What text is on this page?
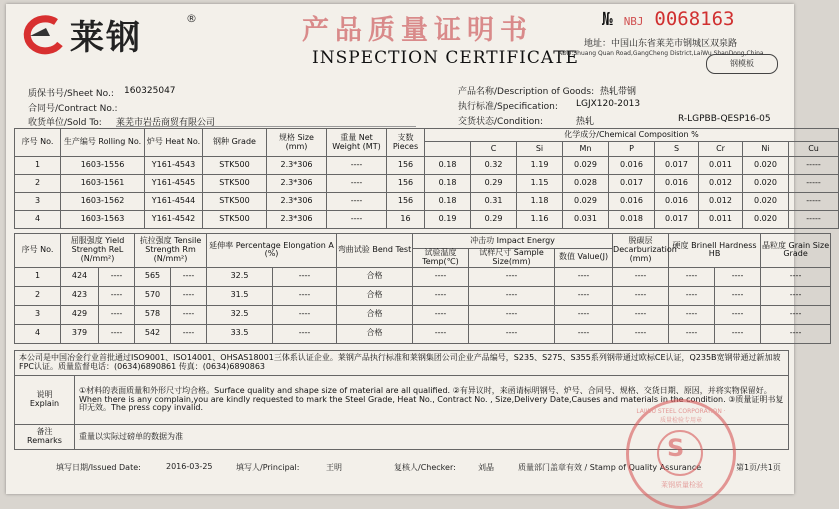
莱钢	®	产品质量证明书
INSPECTION CERTIFICATE
№ NBJ 0068163
地址：中国山东省莱芜市钢城区双泉路
ADD:Shuang Quan Road,GangCheng District,LaiWu ShanDong,China
钢模板
质保书号/Sheet No.: 160325047
合同号/Contract No.:
收货单位/Sold To: 莱芜市岩岳商贸有限公司
产品名称/Description of Goods: 热轧带钢
执行标准/Specification: LGJX120-2013
交货状态/Condition:	热轧	R-LGPBB-QESP16-05
序号 No.	生产编号 Rolling No.	炉号 Heat No.	钢种 Grade	规格 Size (mm)	重量 Net Weight (MT)	支数 Pieces	化学成分/Chemical Composition %								
								C	Si	Mn	P	S	Cr	Ni	Cu
1	1603-1556	Y161-4543	STK500	2.3*306	----	156	0.18	0.32	1.19	0.029	0.016	0.017	0.011	0.020	-----
2	1603-1561	Y161-4545	STK500	2.3*306	----	156	0.18	0.29	1.15	0.028	0.017	0.016	0.012	0.020	-----
3	1603-1562	Y161-4544	STK500	2.3*306	----	156	0.18	0.31	1.18	0.029	0.016	0.016	0.012	0.020	-----
4	1603-1563	Y161-4542	STK500	2.3*306	----	16	0.19	0.29	1.16	0.031	0.018	0.017	0.011	0.020	-----
序号 No.	屈服强度 Yield Strength ReL (N/mm²)		抗拉强度 Tensile Strength Rm (N/mm²)		延伸率 Percentage Elongation A (%)		弯曲试验 Bend Test	冲击功 Impact Energy			脱碳层 Decarburization (mm)	硬度 Brinell Hardness HB		晶粒度 Grain Size Grade
								试验温度 Temp(℃)	试样尺寸 Sample Size(mm)	数值 Value(J)				
1	424	----	565	----	32.5	----	合格	----	----	----	----	----	----	----
2	423	----	570	----	31.5	----	合格	----	----	----	----	----	----	----
3	429	----	578	----	32.5	----	合格	----	----	----	----	----	----	----
4	379	----	542	----	33.5	----	合格	----	----	----	----	----	----	----
本公司是中国冶金行业首批通过ISO9001、ISO14001、OHSAS18001三体系认证企业。莱钢产品执行标准和莱钢集团公司企业产品编号，S235、S275、S355系列钢带通过欧标CE认证，Q235B宽钢带通过新加坡FPC认证。质量监督电话：(0634)6890861 传真：(0634)6890863	

说明
Explain	①材料的表面质量和外形尺寸均合格。Surface quality and shape size of material are all qualified. ②有异议时，来函请标明钢号、炉号、合同号、规格、交货日期、原因，并将实物保留好。When there is any complain,you are kindly requested to mark the Steel Grade, Heat No., Contract No. , Size,Delivery Date,Causes and materials in the condition. ③质量证明书复印无效。The press copy invalid.

备注
Remarks	重量以实际过磅单的数据为准
填写日期/Issued Date:	2016-03-25	填写人/Principal:	王明	复核人/Checker:	刘晶	质量部门盖章有效 / Stamp of Quality Assurance	第1页/共1页
LAIWU STEEL CORPORATION · 质量检验专用章
S
莱钢质量检验
